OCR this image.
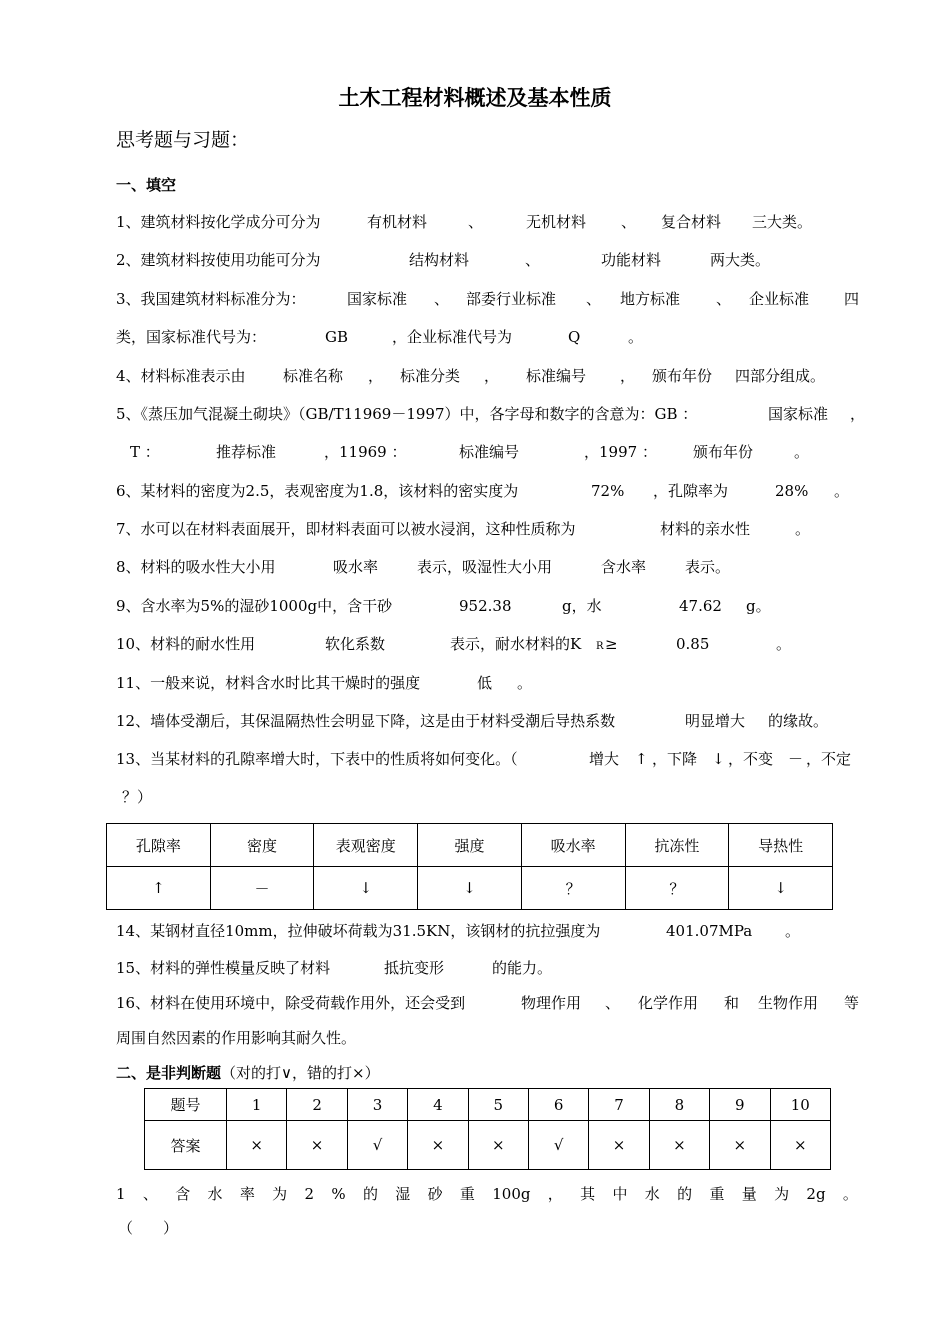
土木工程材料概述及基本性质
思考题与习题：
一、填空
1、建筑材料按化学成分可分为	有机材料	、	无机材料 、 复合材料 三大类。
2、建筑材料按使用功能可分为	结构材料	、	功能材料	两大类。
3、我国建筑材料标准分为：	国家标准 、 部委行业标准 、 地方标准 、 企业标准 四
类，国家标准代号为：	GB	，企业标准代号为	Q	。
4、材料标准表示由 标准名称 ， 标准分类 ， 标准编号 ， 颁布年份 四部分组成。
5、《蒸压加气混凝土砌块》（GB/T11969－1997）中，各字母和数字的含意为：GB ：	国家标准 ，
T ：	推荐标准	，11969 ：	标准编号	，1997 ： 颁布年份	。
6、某材料的密度为2.5，表观密度为1.8，该材料的密实度为	72% ，孔隙率为	28% 。
7、水可以在材料表面展开，即材料表面可以被水浸润，这种性质称为	材料的亲水性	。
8、材料的吸水性大小用	吸水率	表示，吸湿性大小用	含水率	表示。
9、含水率为5%的湿砂1000g中，含干砂	952.38	g，水	47.62 g。
10、材料的耐水性用	软化系数	表示，耐水材料的K R ≥	0.85	。
11、一般来说，材料含水时比其干燥时的强度	低 。
12、墙体受潮后，其保温隔热性会明显下降，这是由于材料受潮后导热系数	明显增大 的缘故。
13、当某材料的孔隙率增大时，下表中的性质将如何变化。（	增大 ↑ ，下降 ↓ ，不变 － ，不定
？）
孔隙率	密度	表观密度	强度	吸水率	抗冻性	导热性
↑	－	↓	↓	？	？	↓
14、某钢材直径10mm，拉伸破坏荷载为31.5KN，该钢材的抗拉强度为	401.07MPa 。
15、材料的弹性模量反映了材料	抵抗变形	的能力。
16、材料在使用环境中，除受荷载作用外，还会受到	物理作用 、 化学作用 和 生物作用 等
周围自然因素的作用影响其耐久性。
二、是非判断题（对的打∨，错的打×）
题号	1	2	3	4	5	6	7	8	9	10
答案	×	×	√	×	×	√	×	×	×	×
1 、 含 水 率 为 2 % 的 湿 砂 重 100g ， 其 中 水 的 重 量 为 2g 。
（　　）
